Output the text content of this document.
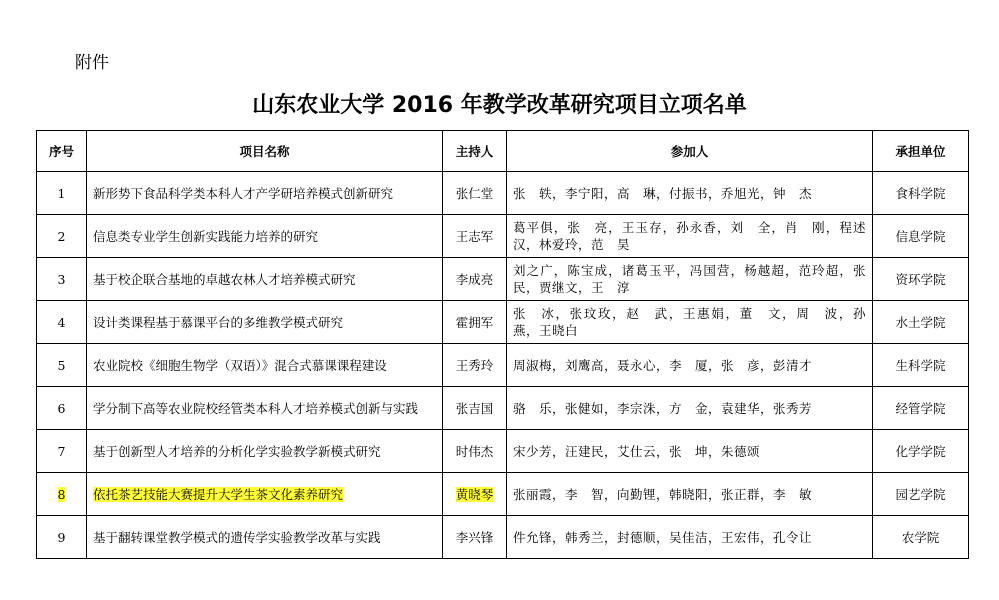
附件
山东农业大学 2016 年教学改革研究项目立项名单
序号	项目名称	主持人	参加人	承担单位
1	新形势下食品科学类本科人才产学研培养模式创新研究	张仁堂	张　轶，李宁阳，高　琳，付振书，乔旭光，钟　杰	食科学院
2	信息类专业学生创新实践能力培养的研究	王志军	葛平俱，张　亮，王玉存，孙永香，刘　全，肖　刚，程述汉，林爱玲，范　昊	信息学院
3	基于校企联合基地的卓越农林人才培养模式研究	李成亮	刘之广，陈宝成，诸葛玉平，冯国营，杨越超，范玲超，张　民，贾继文，王　淳	资环学院
4	设计类课程基于慕课平台的多维教学模式研究	霍拥军	张　冰，张玟玫，赵　武，王惠娟，董　文，周　波，孙　燕，王晓白	水土学院
5	农业院校《细胞生物学（双语）》混合式慕课课程建设	王秀玲	周淑梅，刘鹰高，聂永心，李　厦，张　彦，彭清才	生科学院
6	学分制下高等农业院校经管类本科人才培养模式创新与实践	张吉国	骆　乐，张健如，李宗洙，方　金，袁建华，张秀芳	经管学院
7	基于创新型人才培养的分析化学实验教学新模式研究	时伟杰	宋少芳，汪建民，艾仕云，张　坤，朱德颂	化学学院
8	依托茶艺技能大赛提升大学生茶文化素养研究	黄晓琴	张丽霞，李　智，向勤锂，韩晓阳，张正群，李　敏	园艺学院
9	基于翻转课堂教学模式的遗传学实验教学改革与实践	李兴锋	件允锋，韩秀兰，封德顺，吴佳洁，王宏伟，孔令让	农学院
